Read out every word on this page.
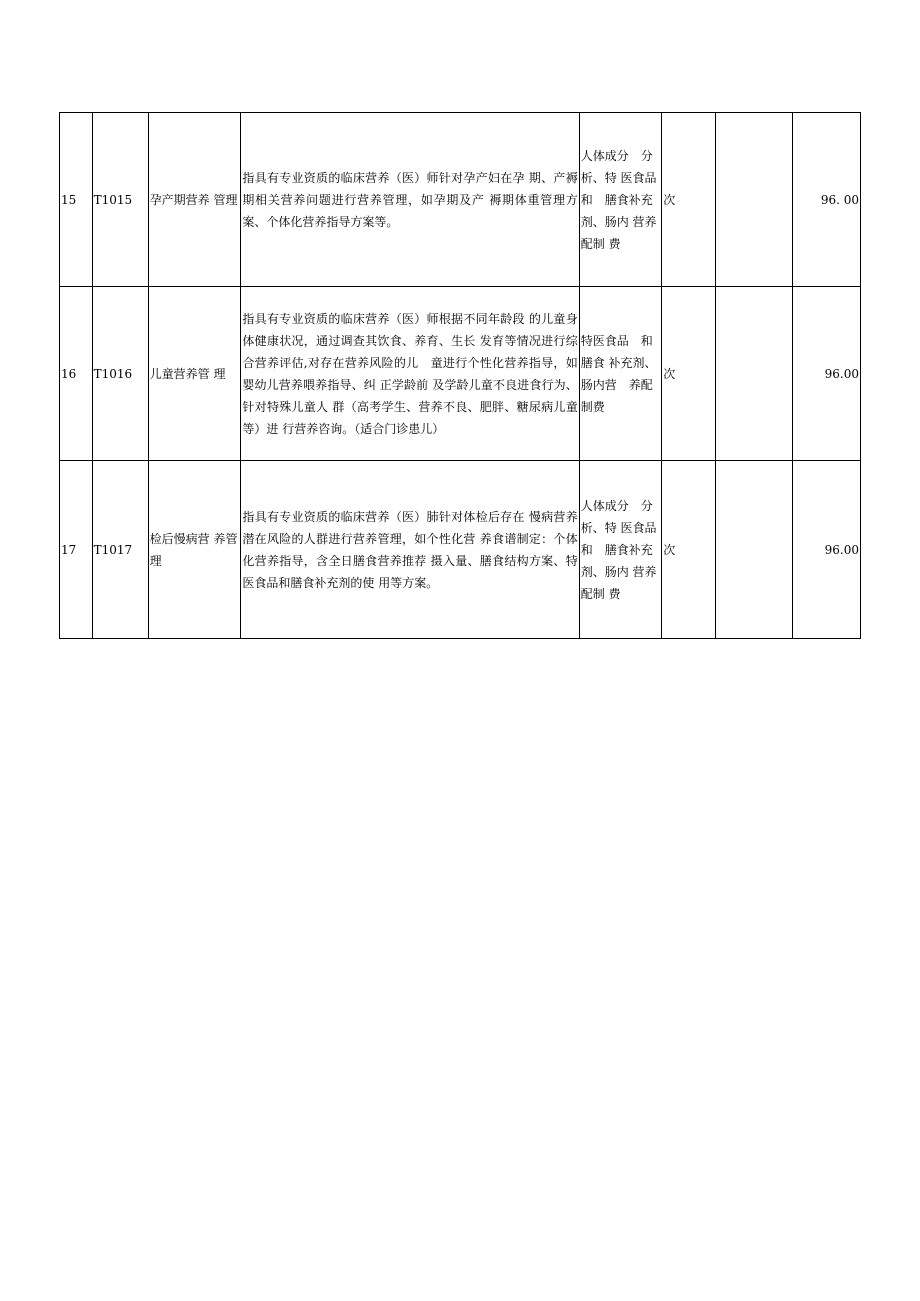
15	T1015	孕产期营养 管理	指具有专业资质的临床营养（医）师针对孕产妇在孕 期、产褥期相关营养问题进行营养管理，如孕期及产 褥期体重管理方案、个体化营养指导方案等。	人体成分　分析、特 医食品和　膳食补充剂、肠内 营养配制 费	次		96. 00
16	T1016	儿童营养管 理	指具有专业资质的临床营养（医）师根据不同年龄段 的儿童身体健康状况，通过调查其饮食、养育、生长 发育等情况进行综合营养评估,对存在营养风险的儿　童进行个性化营养指导，如婴幼儿营养喂养指导、纠 正学龄前 及学龄儿童不良进食行为、针对特殊儿童人 群（高考学生、营养不良、肥胖、糖尿病儿童等）进 行营养咨询。（适合门诊患儿）	特医食品　和膳食 补充剂、肠内营　养配制费	次		96.00
17	T1017	检后慢病营 养管理	指具有专业资质的临床营养（医）肺针对体检后存在 慢病营养潜在风险的人群进行营养管理，如个性化营 养食谱制定：个体化营养指导，含全日膳食营养推荐 摄入量、膳食结构方案、特医食品和膳食补充剂的使 用等方案。	人体成分　分析、特 医食品和　膳食补充剂、肠内 营养配制 费	次		96.00
